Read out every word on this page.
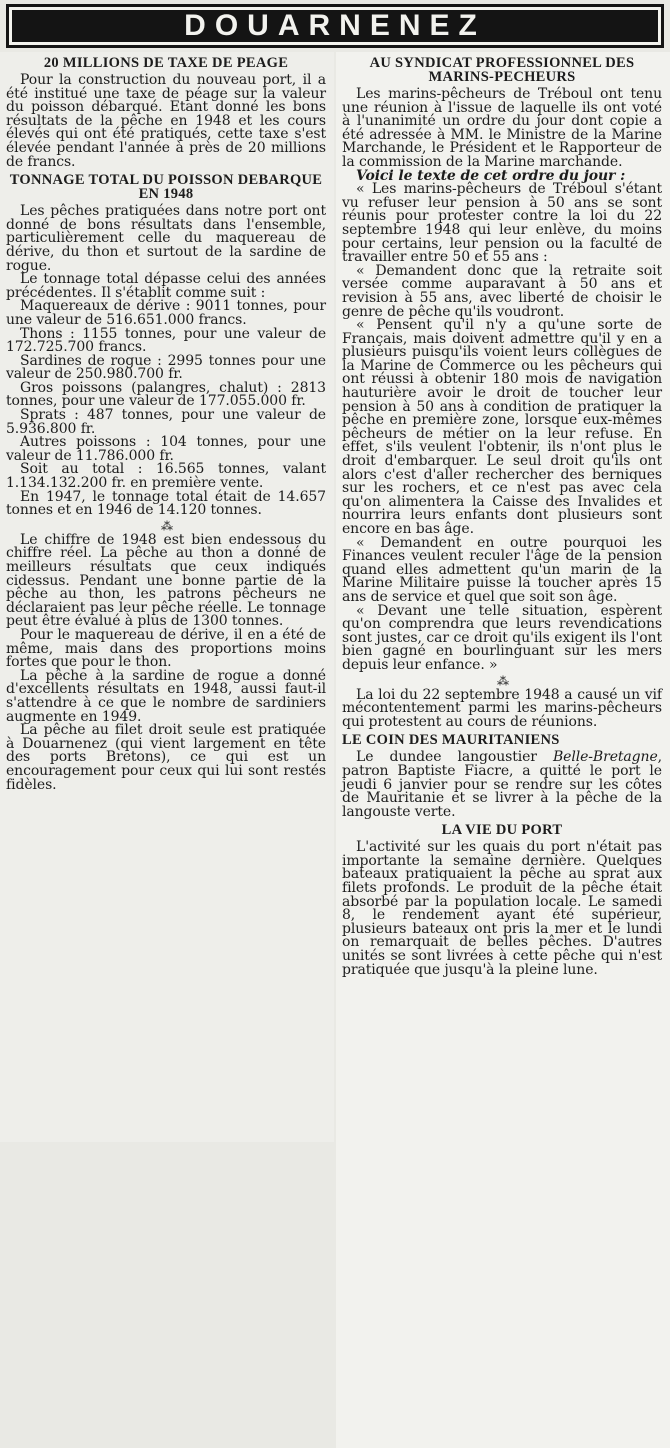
DOUARNENEZ
20 MILLIONS DE TAXE DE PEAGE

Pour la construction du nouveau port, il a été institué une taxe de péage sur la valeur du poisson débarqué. Etant donné les bons résultats de la pêche en 1948 et les cours élevés qui ont été pratiqués, cette taxe s'est élevée pendant l'année à près de 20 millions de francs.

TONNAGE TOTAL DU POISSON DEBARQUE EN 1948

Les pêches pratiquées dans notre port ont donné de bons résultats dans l'ensemble, particulièrement celle du maquereau de dérive, du thon et surtout de la sardine de rogue.

Le tonnage total dépasse celui des années précédentes. Il s'établit comme suit :

Maquereaux de dérive : 9011 tonnes, pour une valeur de 516.651.000 francs.

Thons : 1155 tonnes, pour une valeur de 172.725.700 francs.

Sardines de rogue : 2995 tonnes pour une valeur de 250.980.700 fr.

Gros poissons (palangres, chalut) : 2813 tonnes, pour une valeur de 177.055.000 fr.

Sprats : 487 tonnes, pour une valeur de 5.936.800 fr.

Autres poissons : 104 tonnes, pour une valeur de 11.786.000 fr.

Soit au total : 16.565 tonnes, valant 1.134.132.200 fr. en première vente.

En 1947, le tonnage total était de 14.657 tonnes et en 1946 de 14.120 tonnes.

⁂

Le chiffre de 1948 est bien endessous du chiffre réel. La pêche au thon a donné de meilleurs résultats que ceux indiqués cidessus. Pendant une bonne partie de la pêche au thon, les patrons pêcheurs ne déclaraient pas leur pêche réelle. Le tonnage peut être évalué à plus de 1300 tonnes.

Pour le maquereau de dérive, il en a été de même, mais dans des proportions moins fortes que pour le thon.

La pêche à la sardine de rogue a donné d'excellents résultats en 1948, aussi faut-il s'attendre à ce que le nombre de sardiniers augmente en 1949.

La pêche au filet droit seule est pratiquée à Douarnenez (qui vient largement en tête des ports Bretons), ce qui est un encouragement pour ceux qui lui sont restés fidèles.

AU SYNDICAT PROFESSIONNEL DES MARINS-PECHEURS

Les marins-pêcheurs de Tréboul ont tenu une réunion à l'issue de laquelle ils ont voté à l'unanimité un ordre du jour dont copie a été adressée à MM. le Ministre de la Marine Marchande, le Président et le Rapporteur de la commission de la Marine marchande.

Voici le texte de cet ordre du jour :

« Les marins-pêcheurs de Tréboul s'étant vu refuser leur pension à 50 ans se sont réunis pour protester contre la loi du 22 septembre 1948 qui leur enlève, du moins pour certains, leur pension ou la faculté de travailler entre 50 et 55 ans :

« Demandent donc que la retraite soit versée comme auparavant à 50 ans et revision à 55 ans, avec liberté de choisir le genre de pêche qu'ils voudront.

« Pensent qu'il n'y a qu'une sorte de Français, mais doivent admettre qu'il y en a plusieurs puisqu'ils voient leurs collègues de la Marine de Commerce ou les pêcheurs qui ont réussi à obtenir 180 mois de navigation hauturière avoir le droit de toucher leur pension à 50 ans à condition de pratiquer la pêche en première zone, lorsque eux-mêmes pêcheurs de métier on la leur refuse. En effet, s'ils veulent l'obtenir, ils n'ont plus le droit d'embarquer. Le seul droit qu'ils ont alors c'est d'aller rechercher des berniques sur les rochers, et ce n'est pas avec cela qu'on alimentera la Caisse des Invalides et nourrira leurs enfants dont plusieurs sont encore en bas âge.

« Demandent en outre pourquoi les Finances veulent reculer l'âge de la pension quand elles admettent qu'un marin de la Marine Militaire puisse la toucher après 15 ans de service et quel que soit son âge.

« Devant une telle situation, espèrent qu'on comprendra que leurs revendications sont justes, car ce droit qu'ils exigent ils l'ont bien gagné en bourlinguant sur les mers depuis leur enfance. »

⁂

La loi du 22 septembre 1948 a causé un vif mécontentement parmi les marins-pêcheurs qui protestent au cours de réunions.

LE COIN DES MAURITANIENS

Le dundee langoustier Belle-Bretagne, patron Baptiste Fiacre, a quitté le port le jeudi 6 janvier pour se rendre sur les côtes de Mauritanie et se livrer à la pêche de la langouste verte.

LA VIE DU PORT

L'activité sur les quais du port n'était pas importante la semaine dernière. Quelques bateaux pratiquaient la pêche au sprat aux filets profonds. Le produit de la pêche était absorbé par la population locale. Le samedi 8, le rendement ayant été supérieur, plusieurs bateaux ont pris la mer et le lundi on remarquait de belles pêches. D'autres unités se sont livrées à cette pêche qui n'est pratiquée que jusqu'à la pleine lune.
